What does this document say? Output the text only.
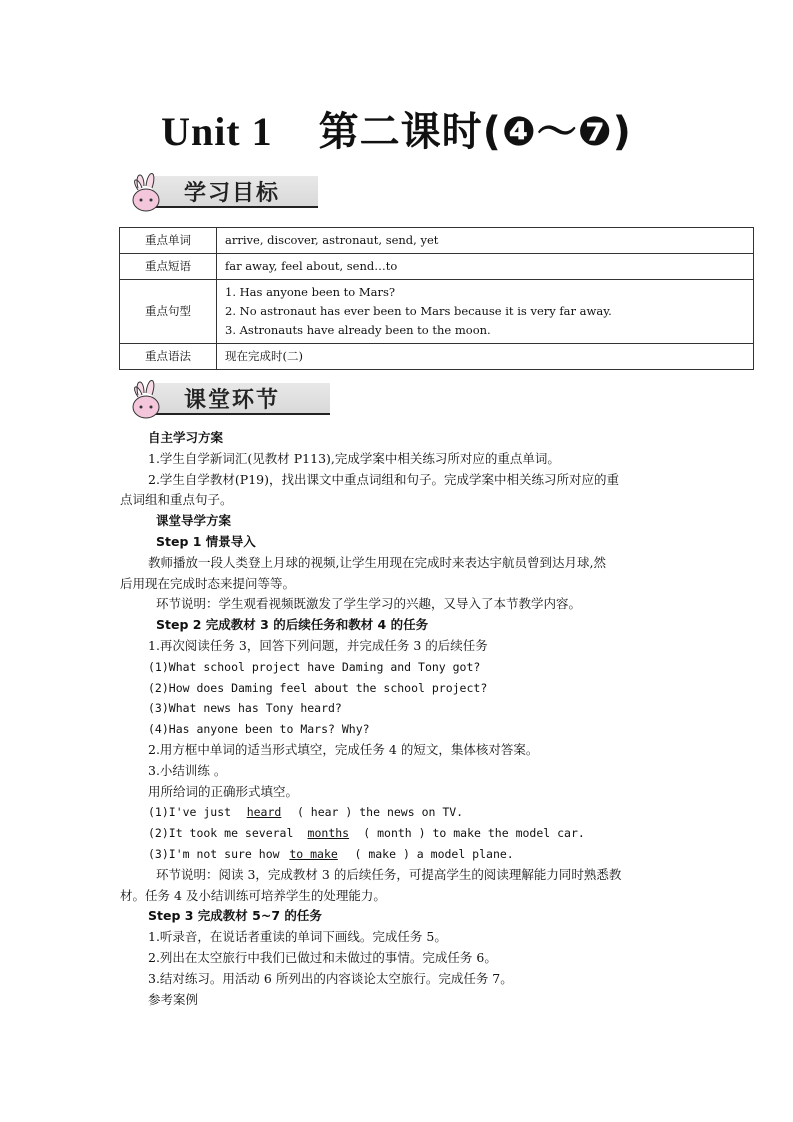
Unit 1 第二课时(❹～❼)
学习目标
重点单词	arrive, discover, astronaut, send, yet

重点短语	far away, feel about, send…to

重点句型	1. Has anyone been to Mars?
2. No astronaut has ever been to Mars because it is very far away.
3. Astronauts have already been to the moon.

重点语法	现在完成时(二)
课堂环节

自主学习方案

1.学生自学新词汇(见教材 P113),完成学案中相关练习所对应的重点单词。

2.学生自学教材(P19)，找出课文中重点词组和句子。完成学案中相关练习所对应的重

点词组和重点句子。

课堂导学方案

Step 1 情景导入

教师播放一段人类登上月球的视频,让学生用现在完成时来表达宇航员曾到达月球,然

后用现在完成时态来提问等等。

环节说明：学生观看视频既激发了学生学习的兴趣，又导入了本节教学内容。

Step 2 完成教材 3 的后续任务和教材 4 的任务

1.再次阅读任务 3，回答下列问题，并完成任务 3 的后续任务

(1)What school project have Daming and Tony got?

(2)How does Daming feel about the school project?

(3)What news has Tony heard?

(4)Has anyone been to Mars? Why?

2.用方框中单词的适当形式填空，完成任务 4 的短文，集体核对答案。

3.小结训练 。

用所给词的正确形式填空。

(1)I've just heard ( hear ) the news on TV.

(2)It took me several months ( month ) to make the model car.

(3)I'm not sure how to make ( make ) a model plane.

环节说明：阅读 3，完成教材 3 的后续任务，可提高学生的阅读理解能力同时熟悉教

材。任务 4 及小结训练可培养学生的处理能力。

Step 3 完成教材 5~7 的任务

1.听录音，在说话者重读的单词下画线。完成任务 5。

2.列出在太空旅行中我们已做过和未做过的事情。完成任务 6。

3.结对练习。用活动 6 所列出的内容谈论太空旅行。完成任务 7。

参考案例
